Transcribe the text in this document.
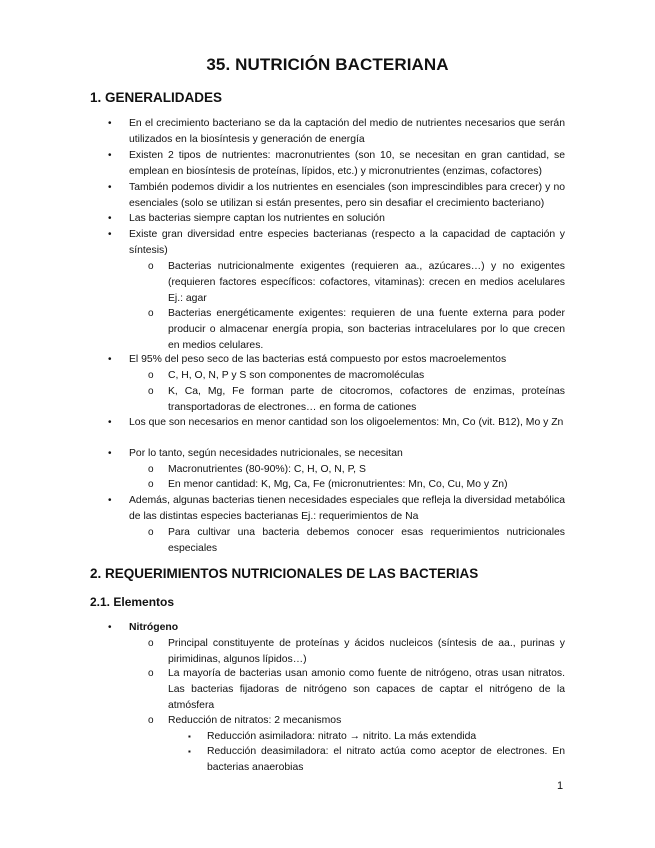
35. NUTRICIÓN BACTERIANA
1. GENERALIDADES
• En el crecimiento bacteriano se da la captación del medio de nutrientes necesarios que serán utilizados en la biosíntesis y generación de energía
• Existen 2 tipos de nutrientes: macronutrientes (son 10, se necesitan en gran cantidad, se emplean en biosíntesis de proteínas, lípidos, etc.) y micronutrientes (enzimas, cofactores)
• También podemos dividir a los nutrientes en esenciales (son imprescindibles para crecer) y no esenciales (solo se utilizan si están presentes, pero sin desafiar el crecimiento bacteriano)
• Las bacterias siempre captan los nutrientes en solución
• Existe gran diversidad entre especies bacterianas (respecto a la capacidad de captación y síntesis)
o Bacterias nutricionalmente exigentes (requieren aa., azúcares…) y no exigentes (requieren factores específicos: cofactores, vitaminas): crecen en medios acelulares Ej.: agar
o Bacterias energéticamente exigentes: requieren de una fuente externa para poder producir o almacenar energía propia, son bacterias intracelulares por lo que crecen en medios celulares.
• El 95% del peso seco de las bacterias está compuesto por estos macroelementos
o C, H, O, N, P y S son componentes de macromoléculas
o K, Ca, Mg, Fe forman parte de citocromos, cofactores de enzimas, proteínas transportadoras de electrones… en forma de cationes
• Los que son necesarios en menor cantidad son los oligoelementos: Mn, Co (vit. B12), Mo y Zn
• Por lo tanto, según necesidades nutricionales, se necesitan
o Macronutrientes (80-90%): C, H, O, N, P, S
o En menor cantidad: K, Mg, Ca, Fe (micronutrientes: Mn, Co, Cu, Mo y Zn)
• Además, algunas bacterias tienen necesidades especiales que refleja la diversidad metabólica de las distintas especies bacterianas Ej.: requerimientos de Na
o Para cultivar una bacteria debemos conocer esas requerimientos nutricionales especiales
2. REQUERIMIENTOS NUTRICIONALES DE LAS BACTERIAS
2.1. Elementos
• Nitrógeno
o Principal constituyente de proteínas y ácidos nucleicos (síntesis de aa., purinas y pirimidinas, algunos lípidos…)
o La mayoría de bacterias usan amonio como fuente de nitrógeno, otras usan nitratos. Las bacterias fijadoras de nitrógeno son capaces de captar el nitrógeno de la atmósfera
o Reducción de nitratos: 2 mecanismos
▪ Reducción asimiladora: nitrato → nitrito. La más extendida
▪ Reducción deasimiladora: el nitrato actúa como aceptor de electrones. En bacterias anaerobias
1
